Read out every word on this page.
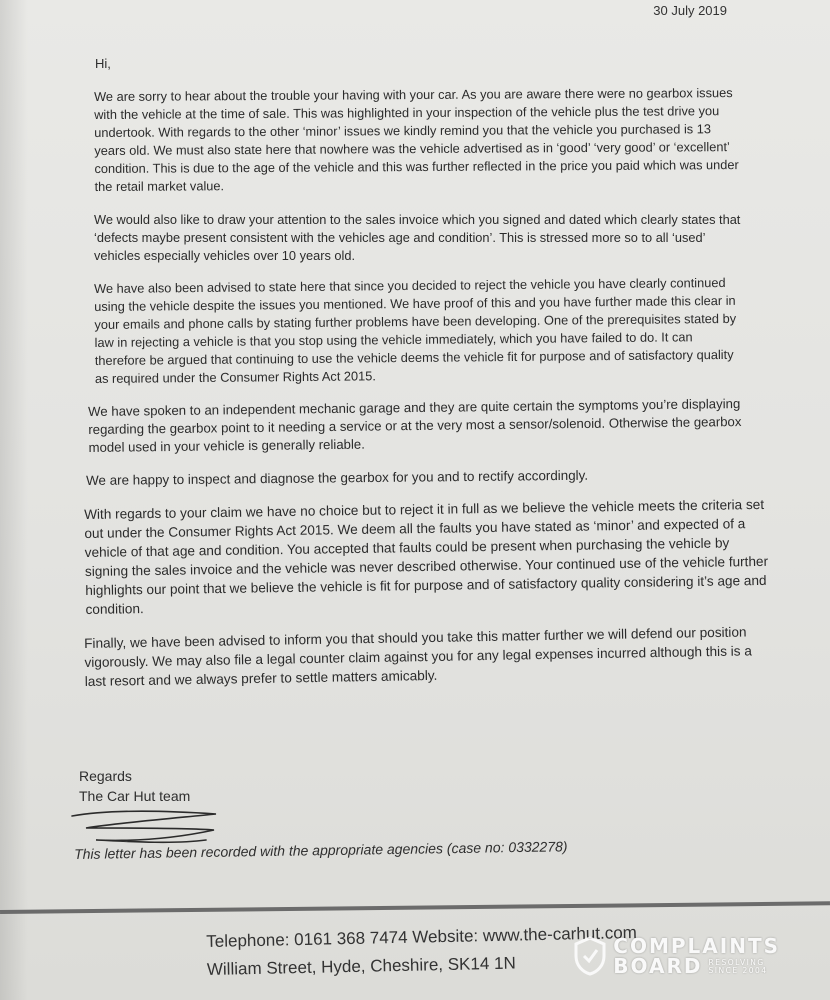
30 July 2019
Hi,

We are sorry to hear about the trouble your having with your car. As you are aware there were no gearbox issues with the vehicle at the time of sale. This was highlighted in your inspection of the vehicle plus the test drive you undertook. With regards to the other ‘minor’ issues we kindly remind you that the vehicle you purchased is 13 years old. We must also state here that nowhere was the vehicle advertised as in ‘good’ ‘very good’ or ‘excellent’ condition. This is due to the age of the vehicle and this was further reflected in the price you paid which was under the retail market value.

We would also like to draw your attention to the sales invoice which you signed and dated which clearly states that ‘defects maybe present consistent with the vehicles age and condition’. This is stressed more so to all ‘used’ vehicles especially vehicles over 10 years old.

We have also been advised to state here that since you decided to reject the vehicle you have clearly continued using the vehicle despite the issues you mentioned. We have proof of this and you have further made this clear in your emails and phone calls by stating further problems have been developing. One of the prerequisites stated by law in rejecting a vehicle is that you stop using the vehicle immediately, which you have failed to do. It can therefore be argued that continuing to use the vehicle deems the vehicle fit for purpose and of satisfactory quality as required under the Consumer Rights Act 2015.

We have spoken to an independent mechanic garage and they are quite certain the symptoms you’re displaying regarding the gearbox point to it needing a service or at the very most a sensor/solenoid. Otherwise the gearbox model used in your vehicle is generally reliable.

We are happy to inspect and diagnose the gearbox for you and to rectify accordingly.

With regards to your claim we have no choice but to reject it in full as we believe the vehicle meets the criteria set out under the Consumer Rights Act 2015. We deem all the faults you have stated as ‘minor’ and expected of a vehicle of that age and condition. You accepted that faults could be present when purchasing the vehicle by signing the sales invoice and the vehicle was never described otherwise. Your continued use of the vehicle further highlights our point that we believe the vehicle is fit for purpose and of satisfactory quality considering it’s age and condition.

Finally, we have been advised to inform you that should you take this matter further we will defend our position vigorously. We may also file a legal counter claim against you for any legal expenses incurred although this is a last resort and we always prefer to settle matters amicably.

Regards
The Car Hut team
This letter has been recorded with the appropriate agencies (case no: 0332278)
Telephone: 0161 368 7474 Website: www.the-carhut.com
William Street, Hyde, Cheshire, SK14 1N
COMPLAINTS
BOARD RESOLVING
SINCE 2004
